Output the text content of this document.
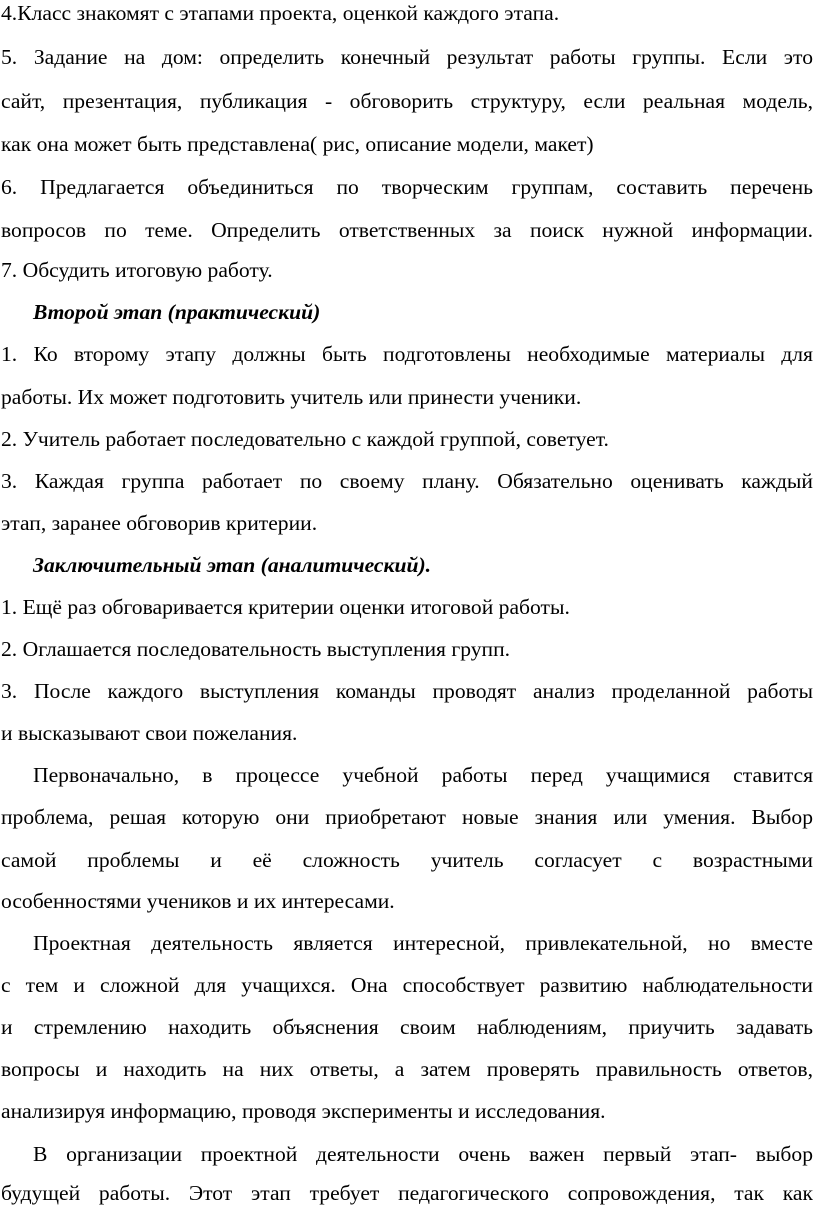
4.Класс знакомят с этапами проекта, оценкой каждого этапа.
5. Задание на дом: определить конечный результат работы группы. Если это
сайт, презентация, публикация - обговорить структуру, если реальная модель,
как она может быть представлена( рис, описание модели, макет)
6. Предлагается объединиться по творческим группам, составить перечень
вопросов по теме. Определить ответственных за поиск нужной информации.
7. Обсудить итоговую работу.
Второй этап (практический)
1. Ко второму этапу должны быть подготовлены необходимые материалы для
работы. Их может подготовить учитель или принести ученики.
2. Учитель работает последовательно с каждой группой, советует.
3. Каждая группа работает по своему плану. Обязательно оценивать каждый
этап, заранее обговорив критерии.
Заключительный этап (аналитический).
1. Ещё раз обговаривается критерии оценки итоговой работы.
2. Оглашается последовательность выступления групп.
3. После каждого выступления команды проводят анализ проделанной работы
и высказывают свои пожелания.
Первоначально, в процессе учебной работы перед учащимися ставится
проблема, решая которую они приобретают новые знания или умения. Выбор
самой проблемы и её сложность учитель согласует с возрастными
особенностями учеников и их интересами.
Проектная деятельность является интересной, привлекательной, но вместе
с тем и сложной для учащихся. Она способствует развитию наблюдательности
и стремлению находить объяснения своим наблюдениям, приучить задавать
вопросы и находить на них ответы, а затем проверять правильность ответов,
анализируя информацию, проводя эксперименты и исследования.
В организации проектной деятельности очень важен первый этап- выбор
будущей работы. Этот этап требует педагогического сопровождения, так как
